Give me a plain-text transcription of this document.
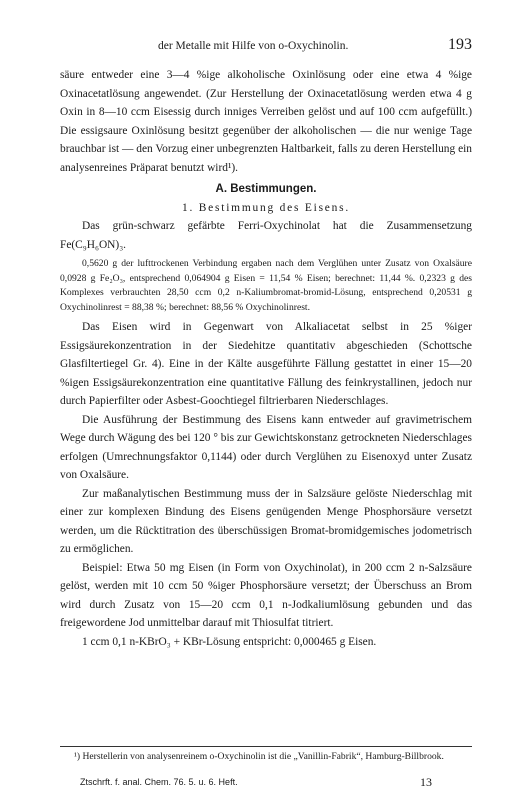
der Metalle mit Hilfe von o-Oxychinolin.	193

säure entweder eine 3—4 %ige alkoholische Oxinlösung oder eine etwa 4 %ige Oxinacetatlösung angewendet. (Zur Herstellung der Oxinacetatlösung werden etwa 4 g Oxin in 8—10 ccm Eisessig durch inniges Verreiben gelöst und auf 100 ccm aufgefüllt.) Die essigsaure Oxinlösung besitzt gegenüber der alkoholischen — die nur wenige Tage brauchbar ist — den Vorzug einer unbegrenzten Haltbarkeit, falls zu deren Herstellung ein analysenreines Präparat benutzt wird¹).

A. Bestimmungen.

1. Bestimmung des Eisens.

Das grün-schwarz gefärbte Ferri-Oxychinolat hat die Zusammensetzung Fe(C₉H₆ON)₃.

0,5620 g der lufttrockenen Verbindung ergaben nach dem Verglühen unter Zusatz von Oxalsäure 0,0928 g Fe₂O₃, entsprechend 0,064904 g Eisen = 11,54 % Eisen; berechnet: 11,44 %. 0,2323 g des Komplexes verbrauchten 28,50 ccm 0,2 n-Kaliumbromat-bromid-Lösung, entsprechend 0,20531 g Oxychinolinrest = 88,38 %; berechnet: 88,56 % Oxychinolinrest.

Das Eisen wird in Gegenwart von Alkaliacetat selbst in 25 %iger Essigsäurekonzentration in der Siedehitze quantitativ abgeschieden (Schottsche Glasfiltertiegel Gr. 4). Eine in der Kälte ausgeführte Fällung gestattet in einer 15—20 %igen Essigsäurekonzentration eine quantitative Fällung des feinkrystallinen, jedoch nur durch Papierfilter oder Asbest-Goochtiegel filtrierbaren Niederschlages.

Die Ausführung der Bestimmung des Eisens kann entweder auf gravimetrischem Wege durch Wägung des bei 120 ° bis zur Gewichtskonstanz getrockneten Niederschlages erfolgen (Umrechnungsfaktor 0,1144) oder durch Verglühen zu Eisenoxyd unter Zusatz von Oxalsäure.

Zur maßanalytischen Bestimmung muss der in Salzsäure gelöste Niederschlag mit einer zur komplexen Bindung des Eisens genügenden Menge Phosphorsäure versetzt werden, um die Rücktitration des überschüssigen Bromat-bromidgemisches jodometrisch zu ermöglichen.

Beispiel: Etwa 50 mg Eisen (in Form von Oxychinolat), in 200 ccm 2 n-Salzsäure gelöst, werden mit 10 ccm 50 %iger Phosphorsäure versetzt; der Überschuss an Brom wird durch Zusatz von 15—20 ccm 0,1 n-Jodkaliumlösung gebunden und das freigewordene Jod unmittelbar darauf mit Thiosulfat titriert.

1 ccm 0,1 n-KBrO₃ + KBr-Lösung entspricht: 0,000465 g Eisen.

¹) Herstellerin von analysenreinem o-Oxychinolin ist die „Vanillin-Fabrik“, Hamburg-Billbrook.

Ztschrft. f. anal. Chem. 76. 5. u. 6. Heft.	13
